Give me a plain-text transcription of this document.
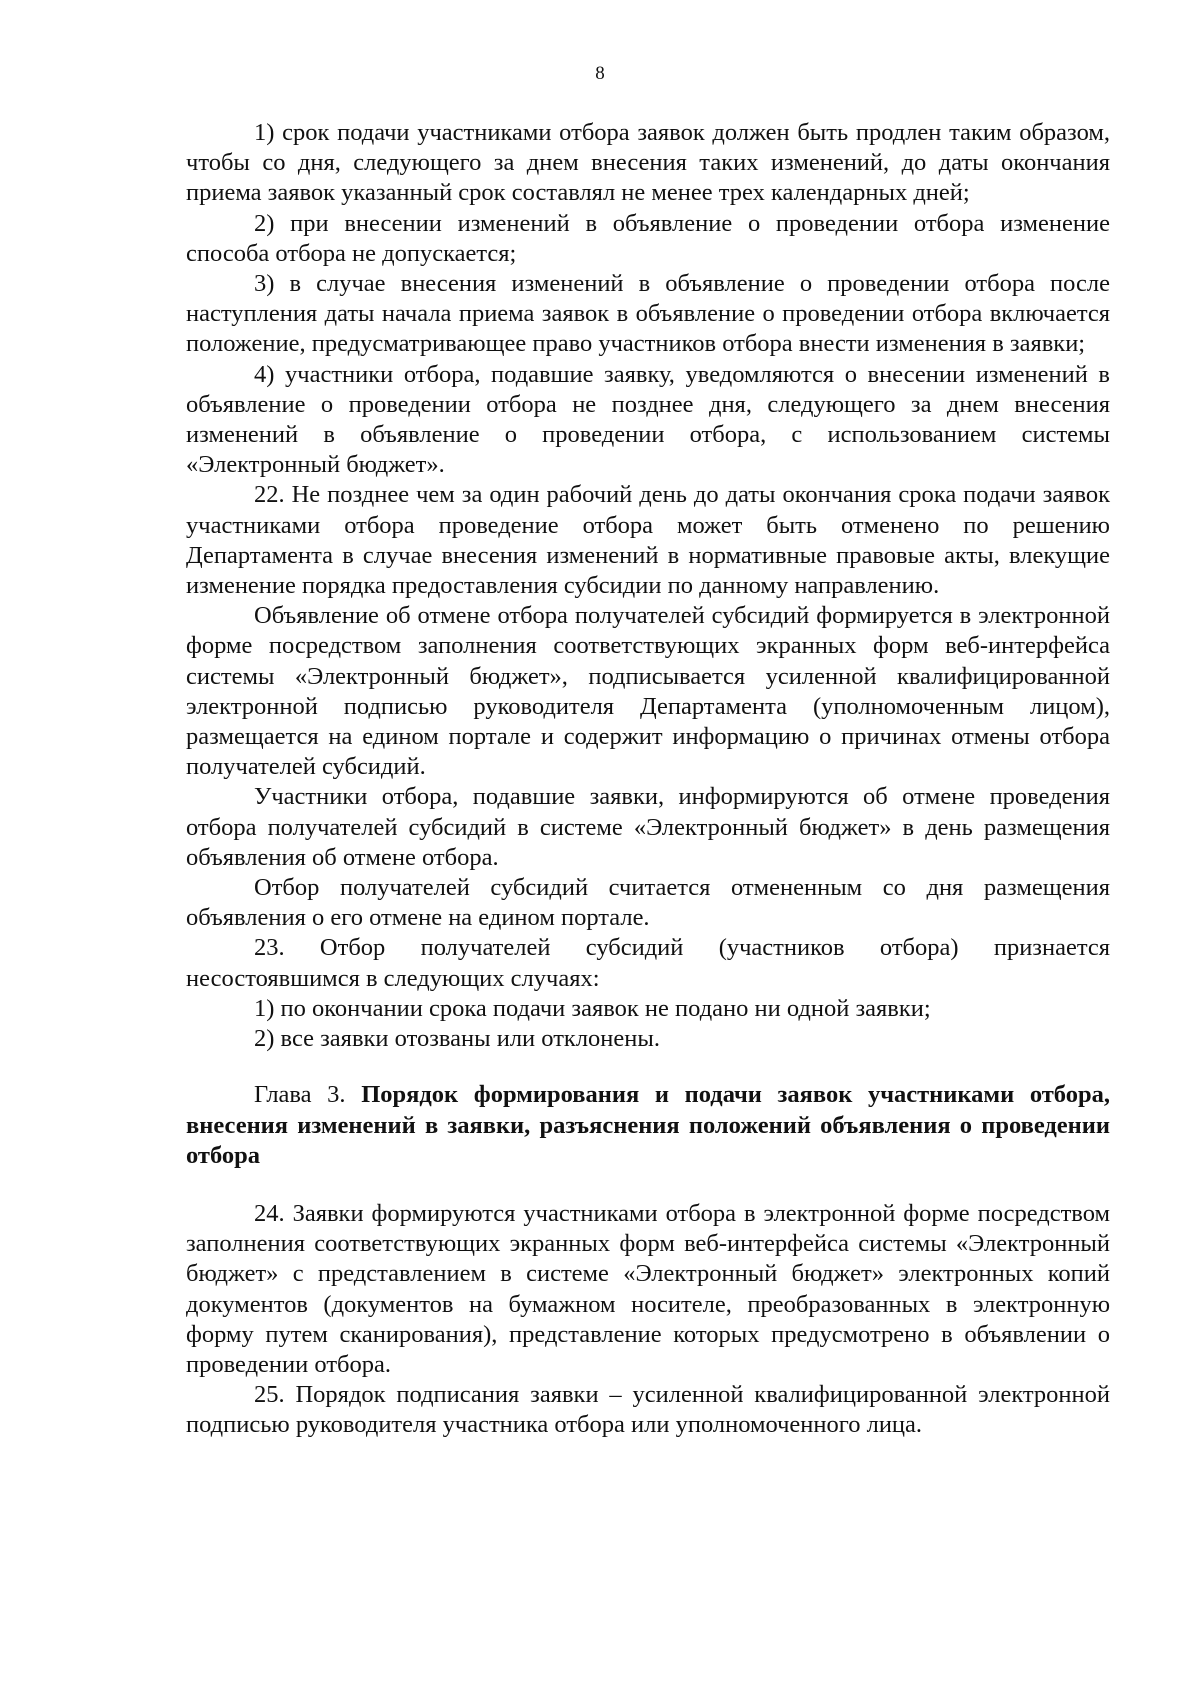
8

1) срок подачи участниками отбора заявок должен быть продлен таким образом, чтобы со дня, следующего за днем внесения таких изменений, до даты окончания приема заявок указанный срок составлял не менее трех календарных дней;

2) при внесении изменений в объявление о проведении отбора изменение способа отбора не допускается;

3) в случае внесения изменений в объявление о проведении отбора после наступления даты начала приема заявок в объявление о проведении отбора включается положение, предусматривающее право участников отбора внести изменения в заявки;

4) участники отбора, подавшие заявку, уведомляются о внесении изменений в объявление о проведении отбора не позднее дня, следующего за днем внесения изменений в объявление о проведении отбора, с использованием системы «Электронный бюджет».

22. Не позднее чем за один рабочий день до даты окончания срока подачи заявок участниками отбора проведение отбора может быть отменено по решению Департамента в случае внесения изменений в нормативные правовые акты, влекущие изменение порядка предоставления субсидии по данному направлению.

Объявление об отмене отбора получателей субсидий формируется в электронной форме посредством заполнения соответствующих экранных форм веб-интерфейса системы «Электронный бюджет», подписывается усиленной квалифицированной электронной подписью руководителя Департамента (уполномоченным лицом), размещается на едином портале и содержит информацию о причинах отмены отбора получателей субсидий.

Участники отбора, подавшие заявки, информируются об отмене проведения отбора получателей субсидий в системе «Электронный бюджет» в день размещения объявления об отмене отбора.

Отбор получателей субсидий считается отмененным со дня размещения объявления о его отмене на едином портале.

23. Отбор получателей субсидий (участников отбора) признается несостоявшимся в следующих случаях:

1) по окончании срока подачи заявок не подано ни одной заявки;

2) все заявки отозваны или отклонены.

Глава 3. Порядок формирования и подачи заявок участниками отбора, внесения изменений в заявки, разъяснения положений объявления о проведении отбора

24. Заявки формируются участниками отбора в электронной форме посредством заполнения соответствующих экранных форм веб-интерфейса системы «Электронный бюджет» с представлением в системе «Электронный бюджет» электронных копий документов (документов на бумажном носителе, преобразованных в электронную форму путем сканирования), представление которых предусмотрено в объявлении о проведении отбора.

25. Порядок подписания заявки – усиленной квалифицированной электронной подписью руководителя участника отбора или уполномоченного лица.
